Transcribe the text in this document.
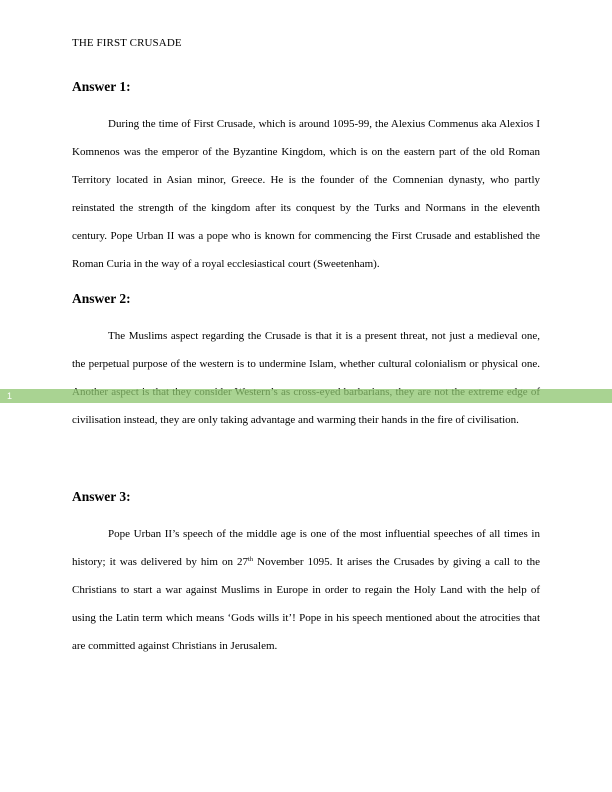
THE FIRST CRUSADE
Answer 1:

During the time of First Crusade, which is around 1095-99, the Alexius Commenus aka Alexios I Komnenos was the emperor of the Byzantine Kingdom, which is on the eastern part of the old Roman Territory located in Asian minor, Greece. He is the founder of the Comnenian dynasty, who partly reinstated the strength of the kingdom after its conquest by the Turks and Normans in the eleventh century. Pope Urban II was a pope who is known for commencing the First Crusade and established the Roman Curia in the way of a royal ecclesiastical court (Sweetenham).

Answer 2:

The Muslims aspect regarding the Crusade is that it is a present threat, not just a medieval one, the perpetual purpose of the western is to undermine Islam, whether cultural colonialism or physical one. civilisation instead, they are only taking advantage and warming their hands in the fire of civilisation.

Answer 3:

Pope Urban II’s speech of the middle age is one of the most influential speeches of all times in history; it was delivered by him on 27th November 1095. It arises the Crusades by giving a call to the Christians to start a war against Muslims in Europe in order to regain the Holy Land with the help of using the Latin term which means ‘Gods wills it’! Pope in his speech mentioned about the atrocities that are committed against Christians in Jerusalem.

1
